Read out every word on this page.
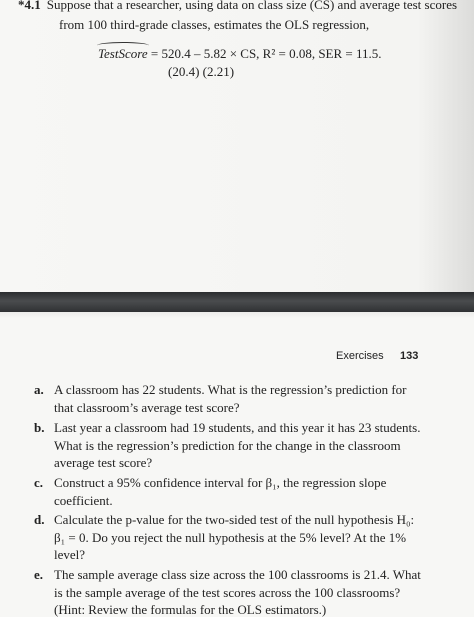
*4.1 Suppose that a researcher, using data on class size (CS) and average test scores
from 100 third-grade classes, estimates the OLS regression,
TestScore = 520.4 – 5.82 × CS, R² = 0.08, SER = 11.5.
(20.4) (2.21)
Exercises 133
a. A classroom has 22 students. What is the regression’s prediction for that classroom’s average test score?
b. Last year a classroom had 19 students, and this year it has 23 students. What is the regression’s prediction for the change in the classroom average test score?
c. Construct a 95% confidence interval for β₁, the regression slope coefficient.
d. Calculate the p-value for the two-sided test of the null hypothesis H₀: β₁ = 0. Do you reject the null hypothesis at the 5% level? At the 1% level?
e. The sample average class size across the 100 classrooms is 21.4. What is the sample average of the test scores across the 100 classrooms? (Hint: Review the formulas for the OLS estimators.)
